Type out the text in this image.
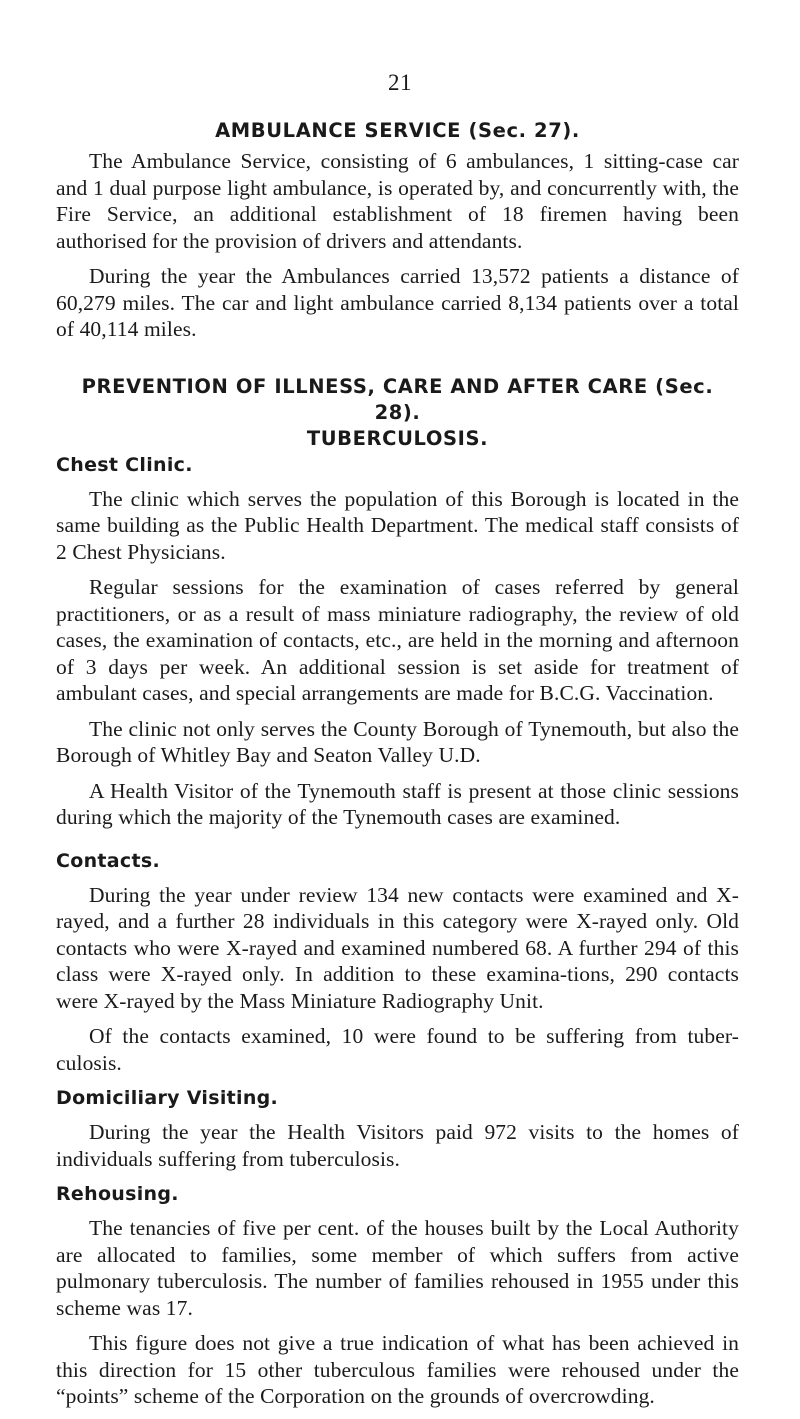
21
AMBULANCE SERVICE (Sec. 27).

The Ambulance Service, consisting of 6 ambulances, 1 sitting-case car and 1 dual purpose light ambulance, is operated by, and concurrently with, the Fire Service, an additional establishment of 18 firemen having been authorised for the provision of drivers and attendants.

During the year the Ambulances carried 13,572 patients a distance of 60,279 miles. The car and light ambulance carried 8,134 patients over a total of 40,114 miles.

PREVENTION OF ILLNESS, CARE AND AFTER CARE (Sec. 28).
TUBERCULOSIS.
Chest Clinic.

The clinic which serves the population of this Borough is located in the same building as the Public Health Department. The medical staff consists of 2 Chest Physicians.

Regular sessions for the examination of cases referred by general practitioners, or as a result of mass miniature radiography, the review of old cases, the examination of contacts, etc., are held in the morning and afternoon of 3 days per week. An additional session is set aside for treatment of ambulant cases, and special arrangements are made for B.C.G. Vaccination.

The clinic not only serves the County Borough of Tynemouth, but also the Borough of Whitley Bay and Seaton Valley U.D.

A Health Visitor of the Tynemouth staff is present at those clinic sessions during which the majority of the Tynemouth cases are examined.

Contacts.

During the year under review 134 new contacts were examined and X-rayed, and a further 28 individuals in this category were X-rayed only. Old contacts who were X-rayed and examined numbered 68. A further 294 of this class were X-rayed only. In addition to these examina-tions, 290 contacts were X-rayed by the Mass Miniature Radiography Unit.

Of the contacts examined, 10 were found to be suffering from tuber-culosis.

Domiciliary Visiting.

During the year the Health Visitors paid 972 visits to the homes of individuals suffering from tuberculosis.

Rehousing.

The tenancies of five per cent. of the houses built by the Local Authority are allocated to families, some member of which suffers from active pulmonary tuberculosis. The number of families rehoused in 1955 under this scheme was 17.

This figure does not give a true indication of what has been achieved in this direction for 15 other tuberculous families were rehoused under the “points” scheme of the Corporation on the grounds of overcrowding.
